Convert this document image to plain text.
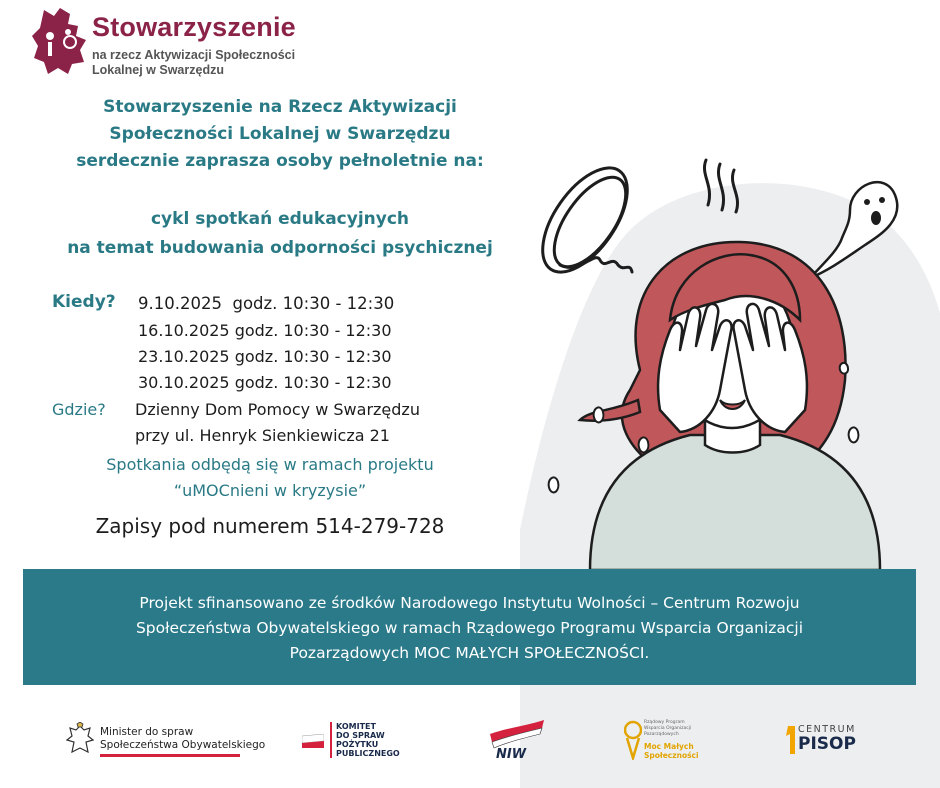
Stowarzyszenie
na rzecz Aktywizacji Społeczności
Lokalnej w Swarzędzu
Stowarzyszenie na Rzecz Aktywizacji
Społeczności Lokalnej w Swarzędzu
serdecznie zaprasza osoby pełnoletnie na:
cykl spotkań edukacyjnych
na temat budowania odporności psychicznej
Kiedy? 9.10.2025  godz. 10:30 - 12:30
16.10.2025 godz. 10:30 - 12:30
23.10.2025 godz. 10:30 - 12:30
30.10.2025 godz. 10:30 - 12:30
Gdzie? Dzienny Dom Pomocy w Swarzędzu
przy ul. Henryk Sienkiewicza 21
Spotkania odbędą się w ramach projektu
“uMOCnieni w kryzysie”
Zapisy pod numerem 514-279-728
Projekt sfinansowano ze środków Narodowego Instytutu Wolności – Centrum Rozwoju
Społeczeństwa Obywatelskiego w ramach Rządowego Programu Wsparcia Organizacji
Pozarządowych MOC MAŁYCH SPOŁECZNOŚCI.
Minister do spraw
Społeczeństwa Obywatelskiego
KOMITET
DO SPRAW
POŻYTKU
PUBLICZNEGO	NIW
Rządowy Program
Wsparcia Organizacji
Pozarządowych
Moc Małych
Społeczności
CENTRUM
PISOP
